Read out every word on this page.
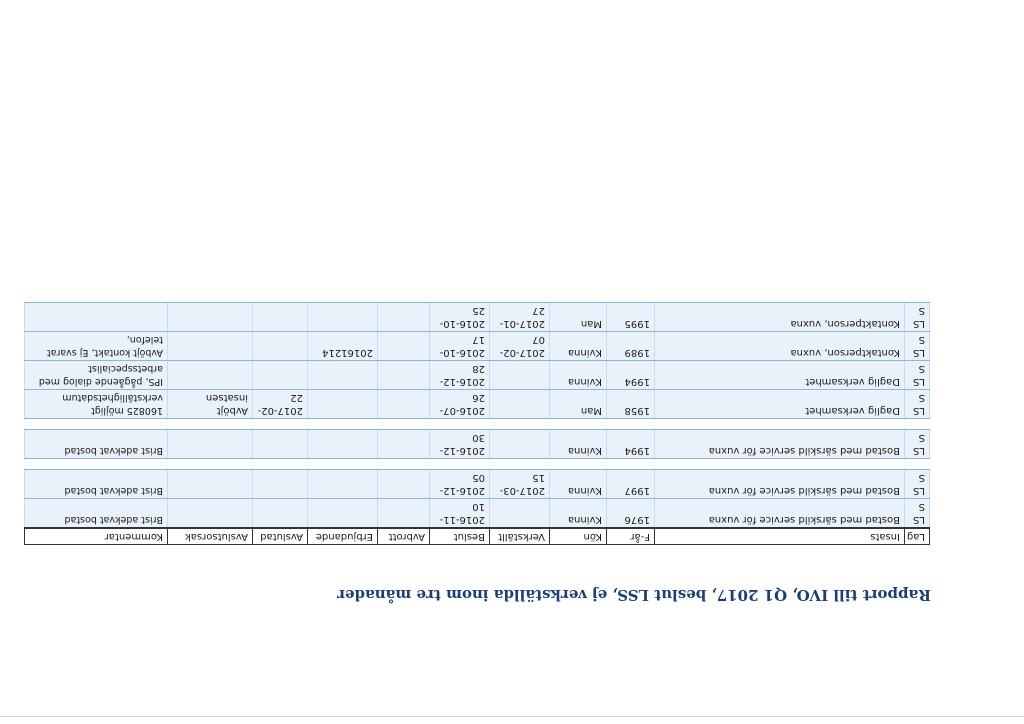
Rapport till IVO, Q1 2017, beslut LSS, ej verkställda inom tre månader
Lag	Insats	F-år	Kön	Verkställt	Beslut	Avbrott	Erbjudande	Avslutad	Avslutsorsak	Kommentar
LSS	Bostad med särskild service för vuxna	1976	Kvinna		2016-11-10					Brist adekvat bostad
LSS	Bostad med särskild service för vuxna	1997	Kvinna	2017-03-15	2016-12-05					Brist adekvat bostad

LSS	Bostad med särskild service för vuxna	1994	Kvinna		2016-12-30					Brist adekvat bostad

LSS	Daglig verksamhet	1958	Man		2016-07-26			2017-02-22	Avböjt insatsen	160825 möjligt verkställighetsdatum
LSS	Daglig verksamhet	1994	Kvinna		2016-12-28					IPS, pågående dialog med arbetsspecialist
LSS	Kontaktperson, vuxna	1989	Kvinna	2017-02-07	2016-10-17		20161214			Avböjt kontakt, Ej svarat telefon,
LSS	Kontaktperson, vuxna	1995	Man	2017-01-27	2016-10-25					
